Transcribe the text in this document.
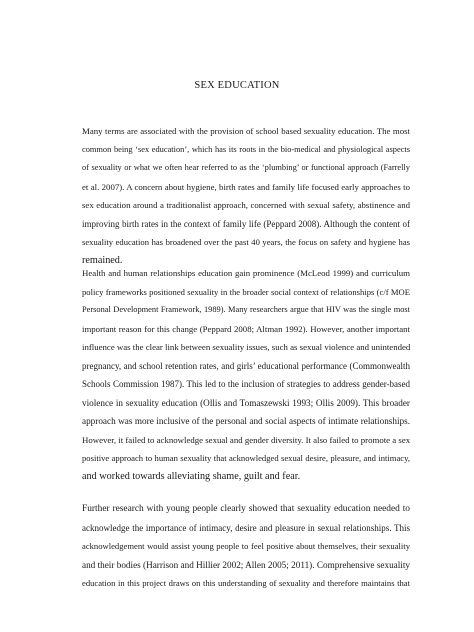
SEX EDUCATION
Many terms are associated with the provision of school based sexuality education. The most
common being ‘sex education’, which has its roots in the bio-medical and physiological aspects
of sexuality or what we often hear referred to as the ‘plumbing’ or functional approach (Farrelly
et al. 2007). A concern about hygiene, birth rates and family life focused early approaches to
sex education around a traditionalist approach, concerned with sexual safety, abstinence and
improving birth rates in the context of family life (Peppard 2008). Although the content of
sexuality education has broadened over the past 40 years, the focus on safety and hygiene has
remained.
Health and human relationships education gain prominence (McLeod 1999) and curriculum
policy frameworks positioned sexuality in the broader social context of relationships (c/f MOE
Personal Development Framework, 1989). Many researchers argue that HIV was the single most
important reason for this change (Peppard 2008; Altman 1992). However, another important
influence was the clear link between sexuality issues, such as sexual violence and unintended
pregnancy, and school retention rates, and girls’ educational performance (Commonwealth
Schools Commission 1987). This led to the inclusion of strategies to address gender-based
violence in sexuality education (Ollis and Tomaszewski 1993; Ollis 2009). This broader
approach was more inclusive of the personal and social aspects of intimate relationships.
However, it failed to acknowledge sexual and gender diversity. It also failed to promote a sex
positive approach to human sexuality that acknowledged sexual desire, pleasure, and intimacy,
and worked towards alleviating shame, guilt and fear.
Further research with young people clearly showed that sexuality education needed to
acknowledge the importance of intimacy, desire and pleasure in sexual relationships. This
acknowledgement would assist young people to feel positive about themselves, their sexuality
and their bodies (Harrison and Hillier 2002; Allen 2005; 2011). Comprehensive sexuality
education in this project draws on this understanding of sexuality and therefore maintains that
